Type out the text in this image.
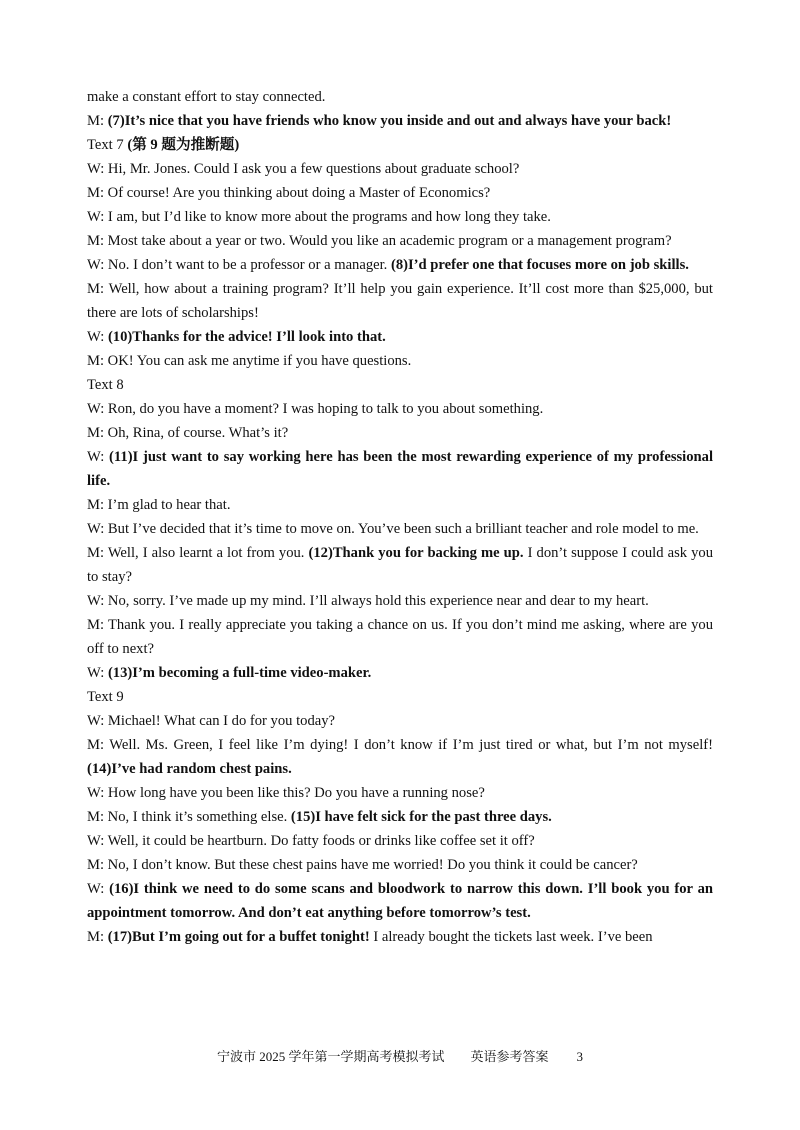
make a constant effort to stay connected.

M: (7)It’s nice that you have friends who know you inside and out and always have your back!

Text 7 (第 9 题为推断题)

W: Hi, Mr. Jones. Could I ask you a few questions about graduate school?

M: Of course! Are you thinking about doing a Master of Economics?

W: I am, but I’d like to know more about the programs and how long they take.

M: Most take about a year or two. Would you like an academic program or a management program?

W: No. I don’t want to be a professor or a manager. (8)I’d prefer one that focuses more on job skills.

M: Well, how about a training program? It’ll help you gain experience. It’ll cost more than $25,000, but there are lots of scholarships!

W: (10)Thanks for the advice! I’ll look into that.

M: OK! You can ask me anytime if you have questions.

Text 8

W: Ron, do you have a moment? I was hoping to talk to you about something.

M: Oh, Rina, of course. What’s it?

W: (11)I just want to say working here has been the most rewarding experience of my professional life.

M: I’m glad to hear that.

W: But I’ve decided that it’s time to move on. You’ve been such a brilliant teacher and role model to me.

M: Well, I also learnt a lot from you. (12)Thank you for backing me up. I don’t suppose I could ask you to stay?

W: No, sorry. I’ve made up my mind. I’ll always hold this experience near and dear to my heart.

M: Thank you. I really appreciate you taking a chance on us. If you don’t mind me asking, where are you off to next?

W: (13)I’m becoming a full-time video-maker.

Text 9

W: Michael! What can I do for you today?

M: Well. Ms. Green, I feel like I’m dying! I don’t know if I’m just tired or what, but I’m not myself! (14)I’ve had random chest pains.

W: How long have you been like this? Do you have a running nose?

M: No, I think it’s something else. (15)I have felt sick for the past three days.

W: Well, it could be heartburn. Do fatty foods or drinks like coffee set it off?

M: No, I don’t know. But these chest pains have me worried! Do you think it could be cancer?

W: (16)I think we need to do some scans and bloodwork to narrow this down. I’ll book you for an appointment tomorrow. And don’t eat anything before tomorrow’s test.

M: (17)But I’m going out for a buffet tonight! I already bought the tickets last week. I’ve been

宁波市 2025 学年第一学期高考模拟考试　　英语参考答案 3
